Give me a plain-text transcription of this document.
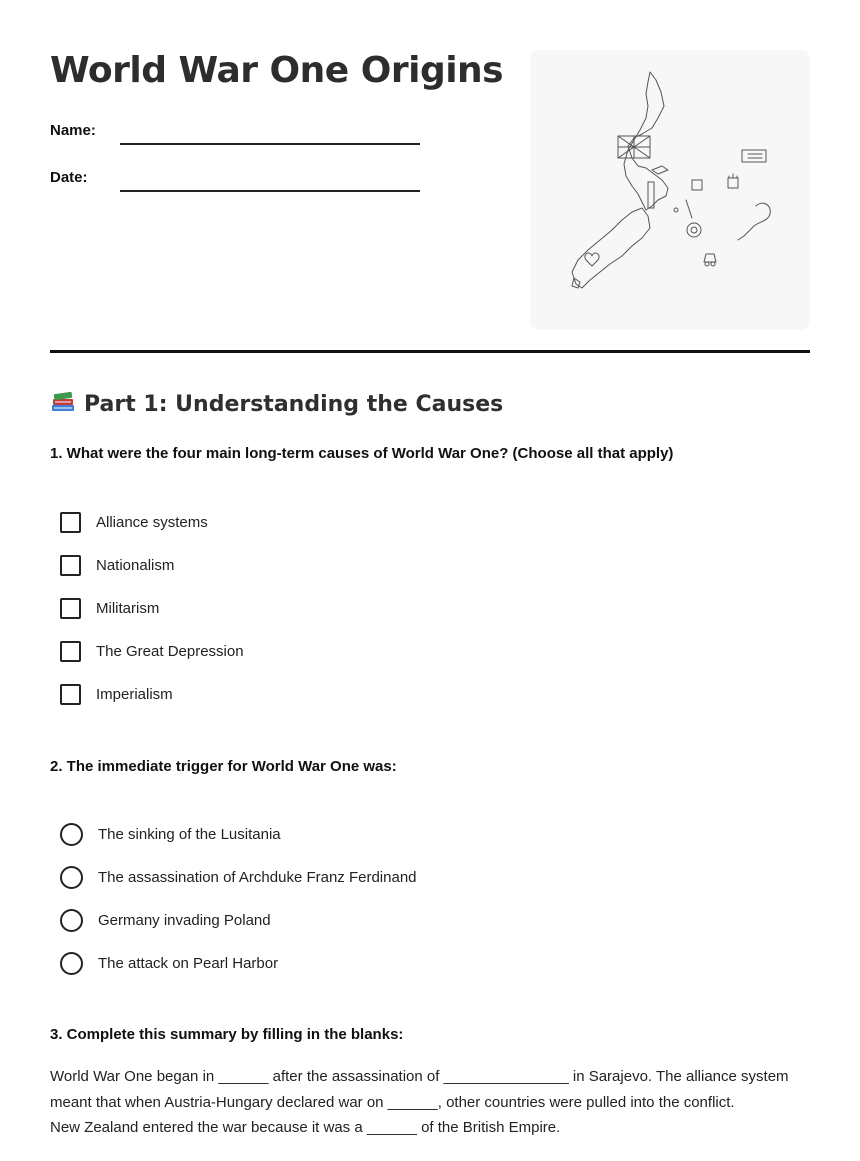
World War One Origins
Name:
Date:
Part 1: Understanding the Causes

1. What were the four main long-term causes of World War One? (Choose all that apply)

Alliance systems
Nationalism
Militarism
The Great Depression
Imperialism

2. The immediate trigger for World War One was:

The sinking of the Lusitania
The assassination of Archduke Franz Ferdinand
Germany invading Poland
The attack on Pearl Harbor

3. Complete this summary by filling in the blanks:

World War One began in ______ after the assassination of _______________ in Sarajevo. The alliance system

meant that when Austria-Hungary declared war on ______, other countries were pulled into the conflict.

New Zealand entered the war because it was a ______ of the British Empire.
